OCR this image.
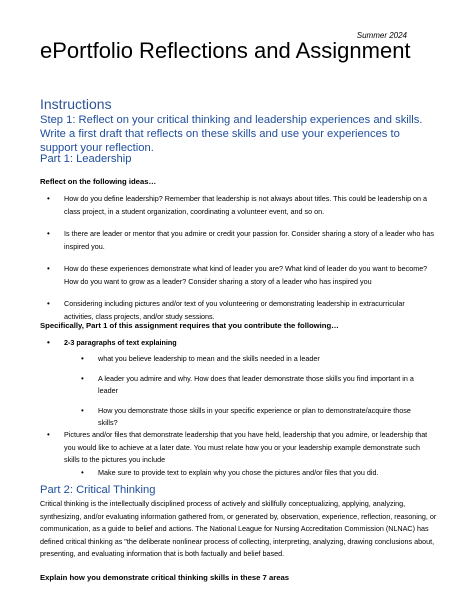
Summer 2024
ePortfolio Reflections and Assignment
Instructions

Step 1: Reflect on your critical thinking and leadership experiences and skills. Write a first draft that reflects on these skills and use your experiences to support your reflection.

Part 1: Leadership

Reflect on the following ideas…

• How do you define leadership? Remember that leadership is not always about titles. This could be leadership on a class project, in a student organization, coordinating a volunteer event, and so on.
• Is there are leader or mentor that you admire or credit your passion for. Consider sharing a story of a leader who has inspired you.
• How do these experiences demonstrate what kind of leader you are? What kind of leader do you want to become? How do you want to grow as a leader? Consider sharing a story of a leader who has inspired you
• Considering including pictures and/or text of you volunteering or demonstrating leadership in extracurricular activities, class projects, and/or study sessions.

Specifically, Part 1 of this assignment requires that you contribute the following…

• 2-3 paragraphs of text explaining
• what you believe leadership to mean and the skills needed in a leader
• A leader you admire and why. How does that leader demonstrate those skills you find important in a leader
• How you demonstrate those skills in your specific experience or plan to demonstrate/acquire those skills?
• Pictures and/or files that demonstrate leadership that you have held, leadership that you admire, or leadership that you would like to achieve at a later date. You must relate how you or your leadership example demonstrate such skills to the pictures you include
• Make sure to provide text to explain why you chose the pictures and/or files that you did.
Part 2: Critical Thinking

Critical thinking is the intellectually disciplined process of actively and skillfully conceptualizing, applying, analyzing, synthesizing, and/or evaluating information gathered from, or generated by, observation, experience, reflection, reasoning, or communication, as a guide to belief and actions. The National League for Nursing Accreditation Commission (NLNAC) has defined critical thinking as "the deliberate nonlinear process of collecting, interpreting, analyzing, drawing conclusions about, presenting, and evaluating information that is both factually and belief based.

Explain how you demonstrate critical thinking skills in these 7 areas
